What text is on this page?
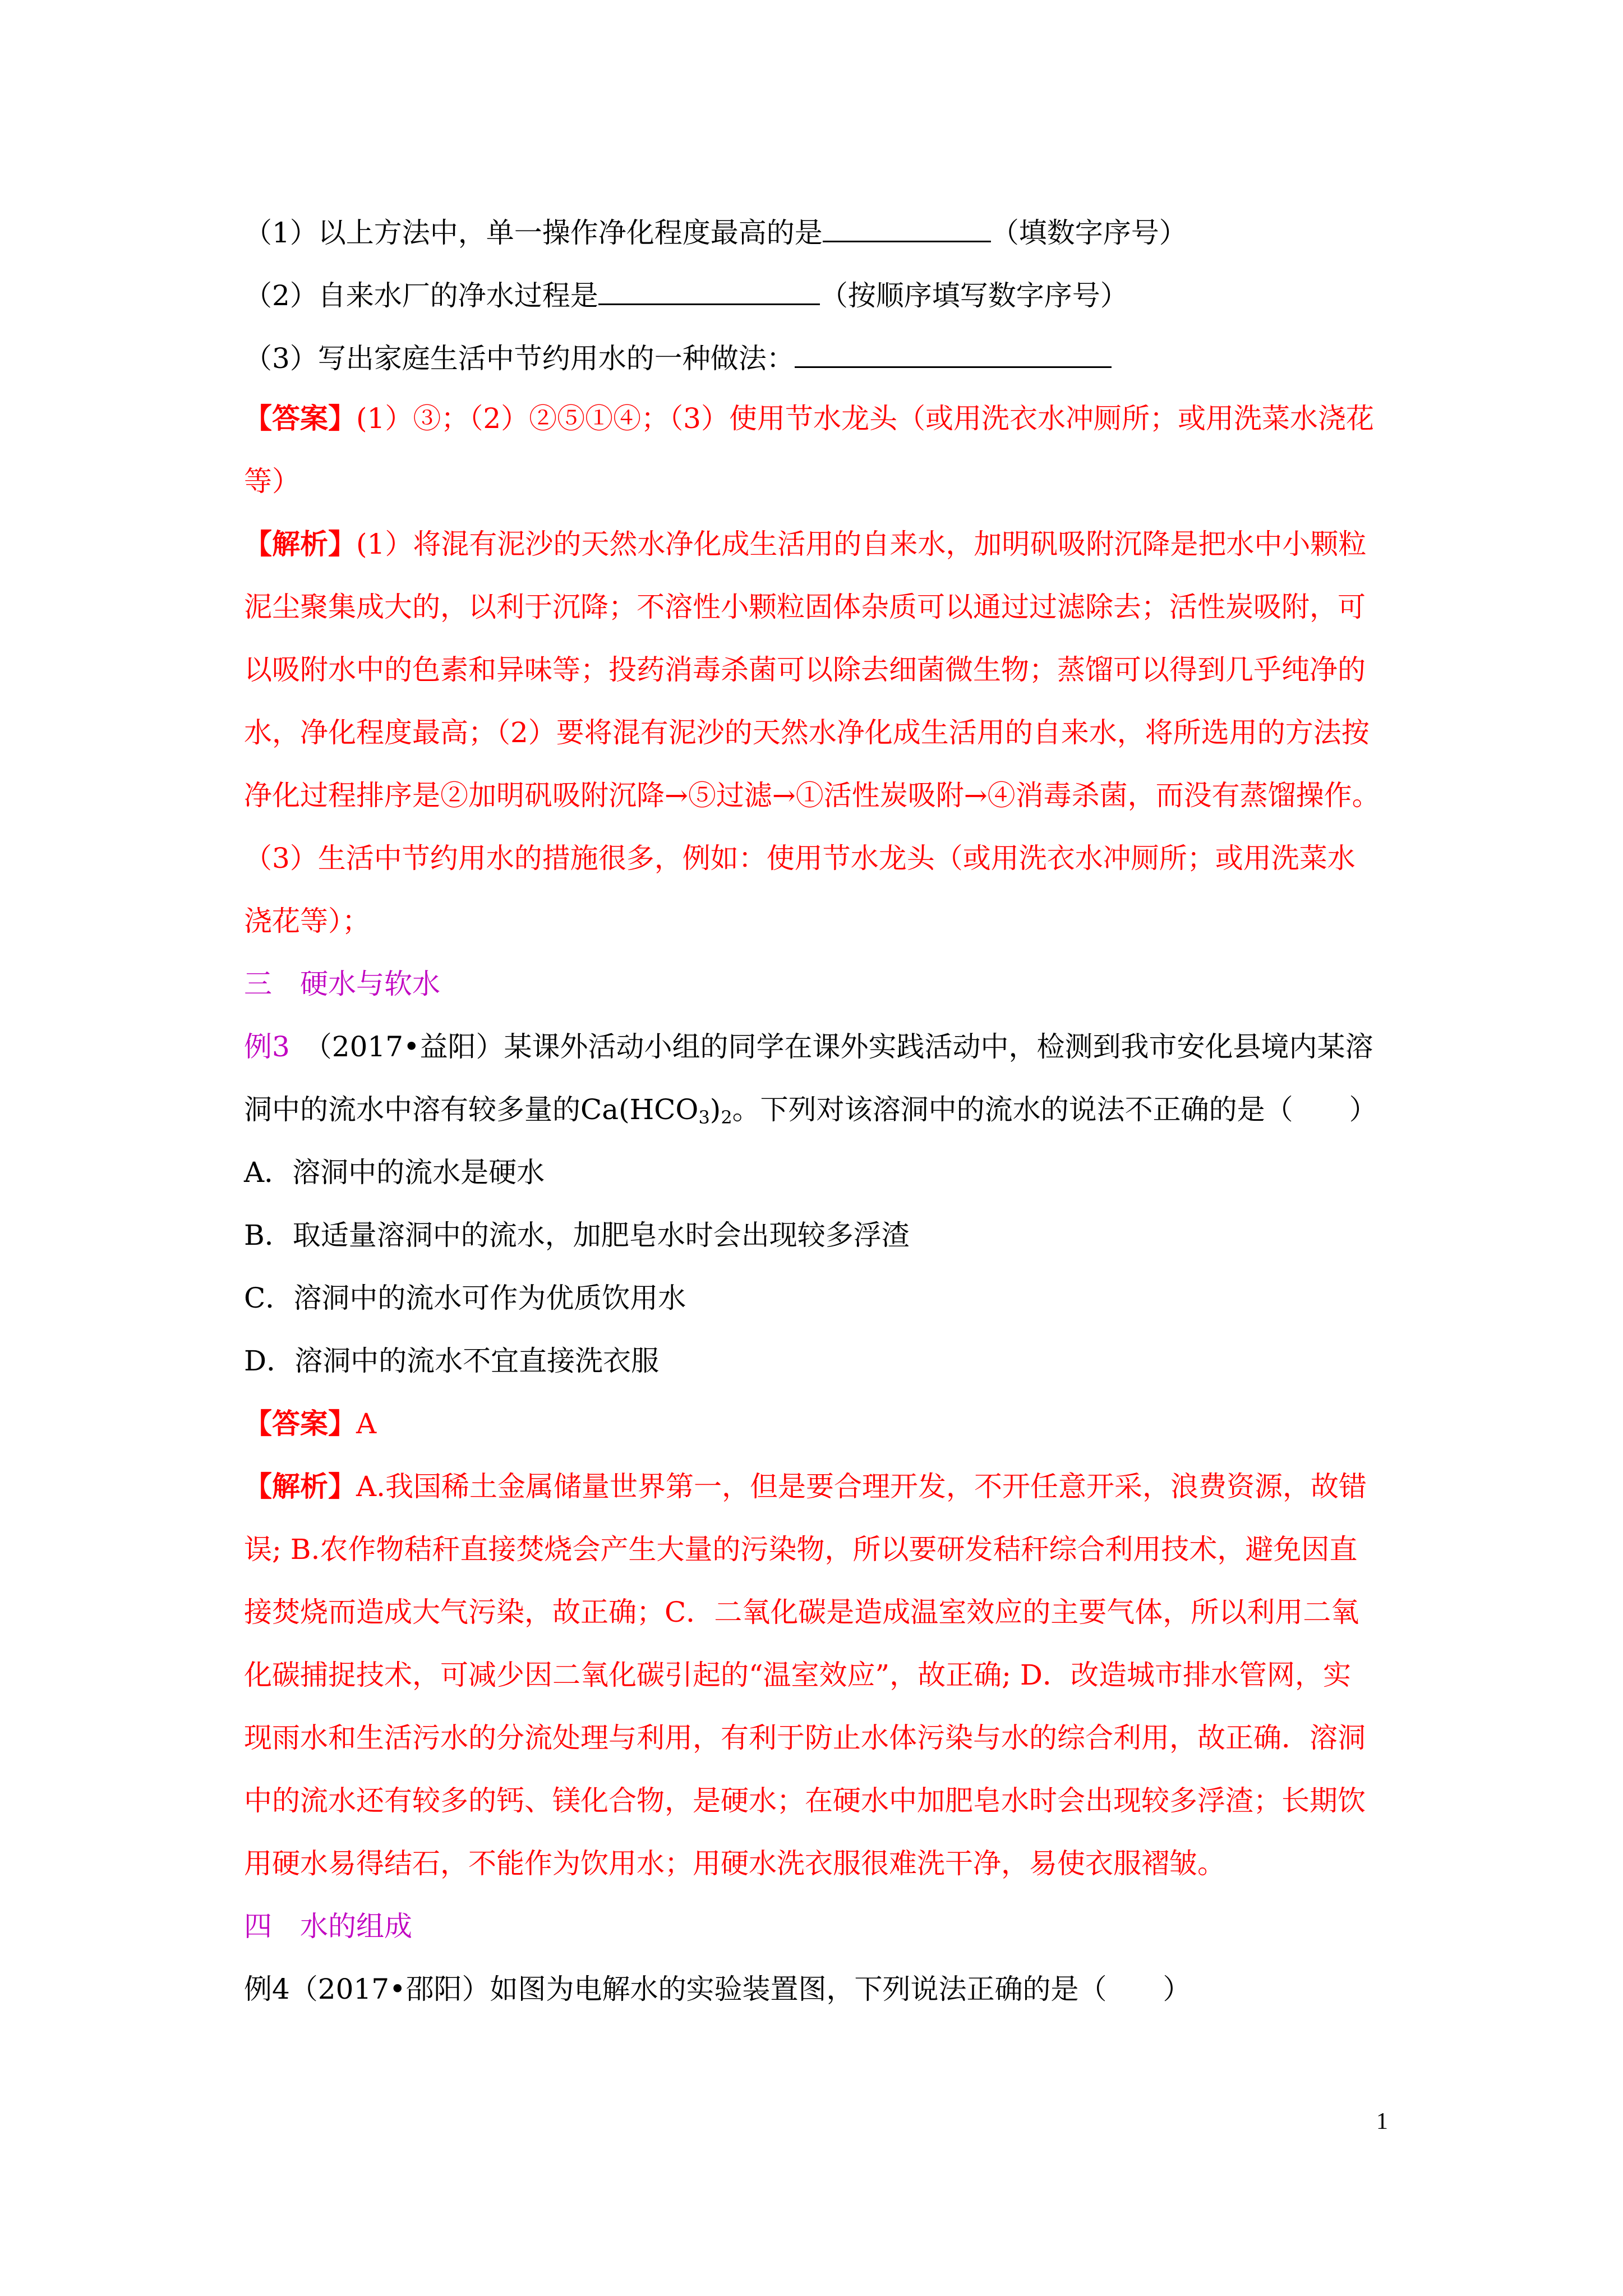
（1）以上方法中，单一操作净化程度最高的是	（填数字序号）
（2）自来水厂的净水过程是	（按顺序填写数字序号）
（3）写出家庭生活中节约用水的一种做法：
【答案】(1）③；（2）②⑤①④；（3）使用节水龙头（或用洗衣水冲厕所；或用洗菜水浇花
等）
【解析】(1）将混有泥沙的天然水净化成生活用的自来水，加明矾吸附沉降是把水中小颗粒
泥尘聚集成大的，以利于沉降；不溶性小颗粒固体杂质可以通过过滤除去；活性炭吸附，可
以吸附水中的色素和异味等；投药消毒杀菌可以除去细菌微生物；蒸馏可以得到几乎纯净的
水，净化程度最高；（2）要将混有泥沙的天然水净化成生活用的自来水，将所选用的方法按
净化过程排序是②加明矾吸附沉降→⑤过滤→①活性炭吸附→④消毒杀菌，而没有蒸馏操作。
（3）生活中节约用水的措施很多，例如：使用节水龙头（或用洗衣水冲厕所；或用洗菜水
浇花等）；
三　硬水与软水
例3　（2017•益阳）某课外活动小组的同学在课外实践活动中，检测到我市安化县境内某溶
洞中的流水中溶有较多量的$Ca(HCO_3)_2$。下列对该溶洞中的流水的说法不正确的是（　　）
A．溶洞中的流水是硬水
B．取适量溶洞中的流水，加肥皂水时会出现较多浮渣
C．溶洞中的流水可作为优质饮用水
D．溶洞中的流水不宜直接洗衣服
【答案】A
【解析】A.我国稀土金属储量世界第一，但是要合理开发，不开任意开采，浪费资源，故错
误; B.农作物秸秆直接焚烧会产生大量的污染物，所以要研发秸秆综合利用技术，避免因直
接焚烧而造成大气污染，故正确；C．二氧化碳是造成温室效应的主要气体，所以利用二氧
化碳捕捉技术，可减少因二氧化碳引起的“温室效应”，故正确; D．改造城市排水管网，实
现雨水和生活污水的分流处理与利用，有利于防止水体污染与水的综合利用，故正确．溶洞
中的流水还有较多的钙、镁化合物，是硬水；在硬水中加肥皂水时会出现较多浮渣；长期饮
用硬水易得结石，不能作为饮用水；用硬水洗衣服很难洗干净，易使衣服褶皱。
四　水的组成
例4（2017•邵阳）如图为电解水的实验装置图，下列说法正确的是（　　）
1
